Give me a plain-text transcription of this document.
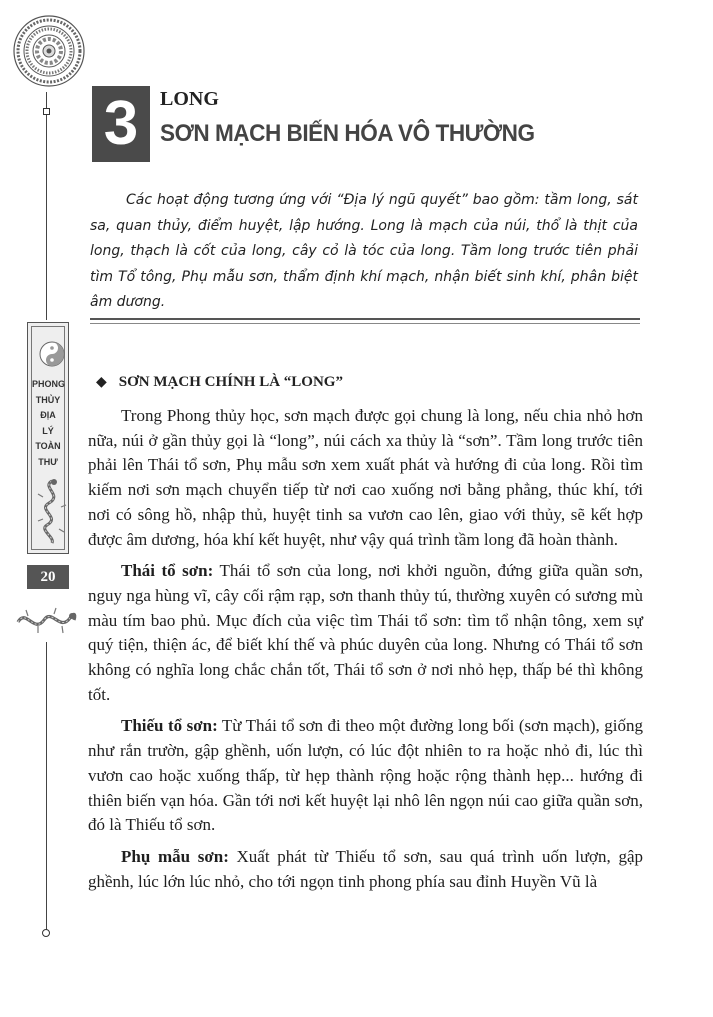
3	LONG
SƠN MẠCH BIẾN HÓA VÔ THƯỜNG

Các hoạt động tương ứng với “Địa lý ngũ quyết” bao gồm: tầm long, sát sa, quan thủy, điểm huyệt, lập hướng. Long là mạch của núi, thổ là thịt của long, thạch là cốt của long, cây cỏ là tóc của long. Tầm long trước tiên phải tìm Tổ tông, Phụ mẫu sơn, thẩm định khí mạch, nhận biết sinh khí, phân biệt âm dương.

PHONG
THỦY
ĐỊA
LÝ
TOÀN
THƯ
20
◆ SƠN MẠCH CHÍNH LÀ “LONG”

Trong Phong thủy học, sơn mạch được gọi chung là long, nếu chia nhỏ hơn nữa, núi ở gần thủy gọi là “long”, núi cách xa thủy là “sơn”. Tầm long trước tiên phải lên Thái tổ sơn, Phụ mẫu sơn xem xuất phát và hướng đi của long. Rồi tìm kiếm nơi sơn mạch chuyển tiếp từ nơi cao xuống nơi bằng phẳng, thúc khí, tới nơi có sông hồ, nhập thủ, huyệt tinh sa vươn cao lên, giao với thủy, sẽ kết hợp được âm dương, hóa khí kết huyệt, như vậy quá trình tầm long đã hoàn thành.

Thái tổ sơn: Thái tổ sơn của long, nơi khởi nguồn, đứng giữa quần sơn, nguy nga hùng vĩ, cây cối rậm rạp, sơn thanh thủy tú, thường xuyên có sương mù màu tím bao phủ. Mục đích của việc tìm Thái tổ sơn: tìm tổ nhận tông, xem sự quý tiện, thiện ác, để biết khí thế và phúc duyên của long. Nhưng có Thái tổ sơn không có nghĩa long chắc chắn tốt, Thái tổ sơn ở nơi nhỏ hẹp, thấp bé thì không tốt.

Thiếu tổ sơn: Từ Thái tổ sơn đi theo một đường long bối (sơn mạch), giống như rắn trườn, gập ghềnh, uốn lượn, có lúc đột nhiên to ra hoặc nhỏ đi, lúc thì vươn cao hoặc xuống thấp, từ hẹp thành rộng hoặc rộng thành hẹp... hướng đi thiên biến vạn hóa. Gần tới nơi kết huyệt lại nhô lên ngọn núi cao giữa quần sơn, đó là Thiếu tổ sơn.

Phụ mẫu sơn: Xuất phát từ Thiếu tổ sơn, sau quá trình uốn lượn, gập ghềnh, lúc lớn lúc nhỏ, cho tới ngọn tinh phong phía sau đỉnh Huyền Vũ là
